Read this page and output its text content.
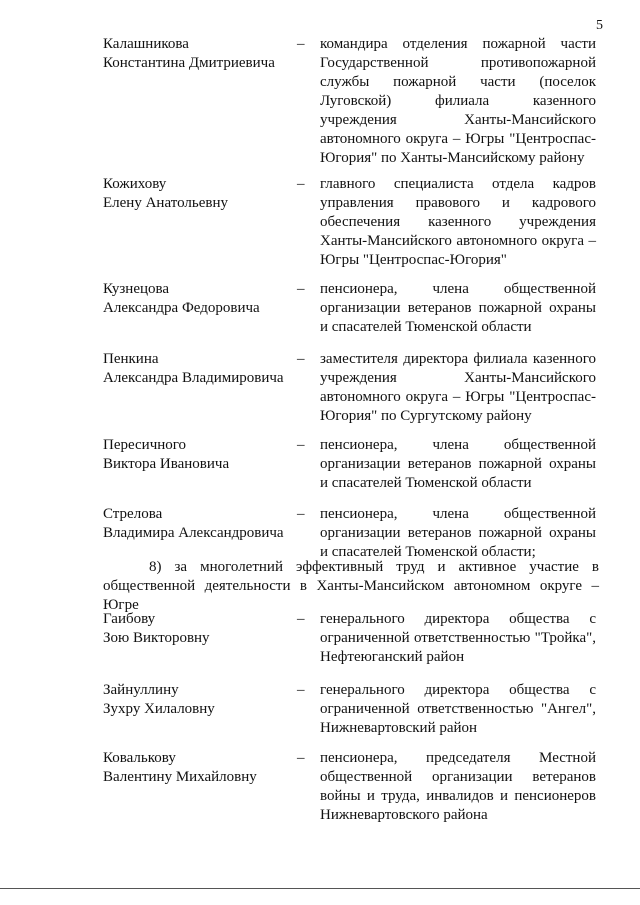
5
Калашникова
Константина Дмитриевича
– командира отделения пожарной части Государственной противопожарной службы пожарной части (поселок Луговской) филиала казенного учреждения Ханты-Мансийского автономного округа – Югры "Центроспас-Югория" по Ханты-Мансийскому району
Кожихову
Елену Анатольевну
– главного специалиста отдела кадров управления правового и кадрового обеспечения казенного учреждения Ханты-Мансийского автономного округа – Югры "Центроспас-Югория"
Кузнецова
Александра Федоровича
– пенсионера, члена общественной организации ветеранов пожарной охраны и спасателей Тюменской области
Пенкина
Александра Владимировича
– заместителя директора филиала казенного учреждения Ханты-Мансийского автономного округа – Югры "Центроспас-Югория" по Сургутскому району
Пересичного
Виктора Ивановича
– пенсионера, члена общественной организации ветеранов пожарной охраны и спасателей Тюменской области
Стрелова
Владимира Александровича
– пенсионера, члена общественной организации ветеранов пожарной охраны и спасателей Тюменской области;
8) за многолетний эффективный труд и активное участие в общественной деятельности в Ханты-Мансийском автономном округе – Югре
Гаибову
Зою Викторовну
– генерального директора общества с ограниченной ответственностью "Тройка", Нефтеюганский район
Зайнуллину
Зухру Хилаловну
– генерального директора общества с ограниченной ответственностью "Ангел", Нижневартовский район
Ковалькову
Валентину Михайловну
– пенсионера, председателя Местной общественной организации ветеранов войны и труда, инвалидов и пенсионеров Нижневартовского района
